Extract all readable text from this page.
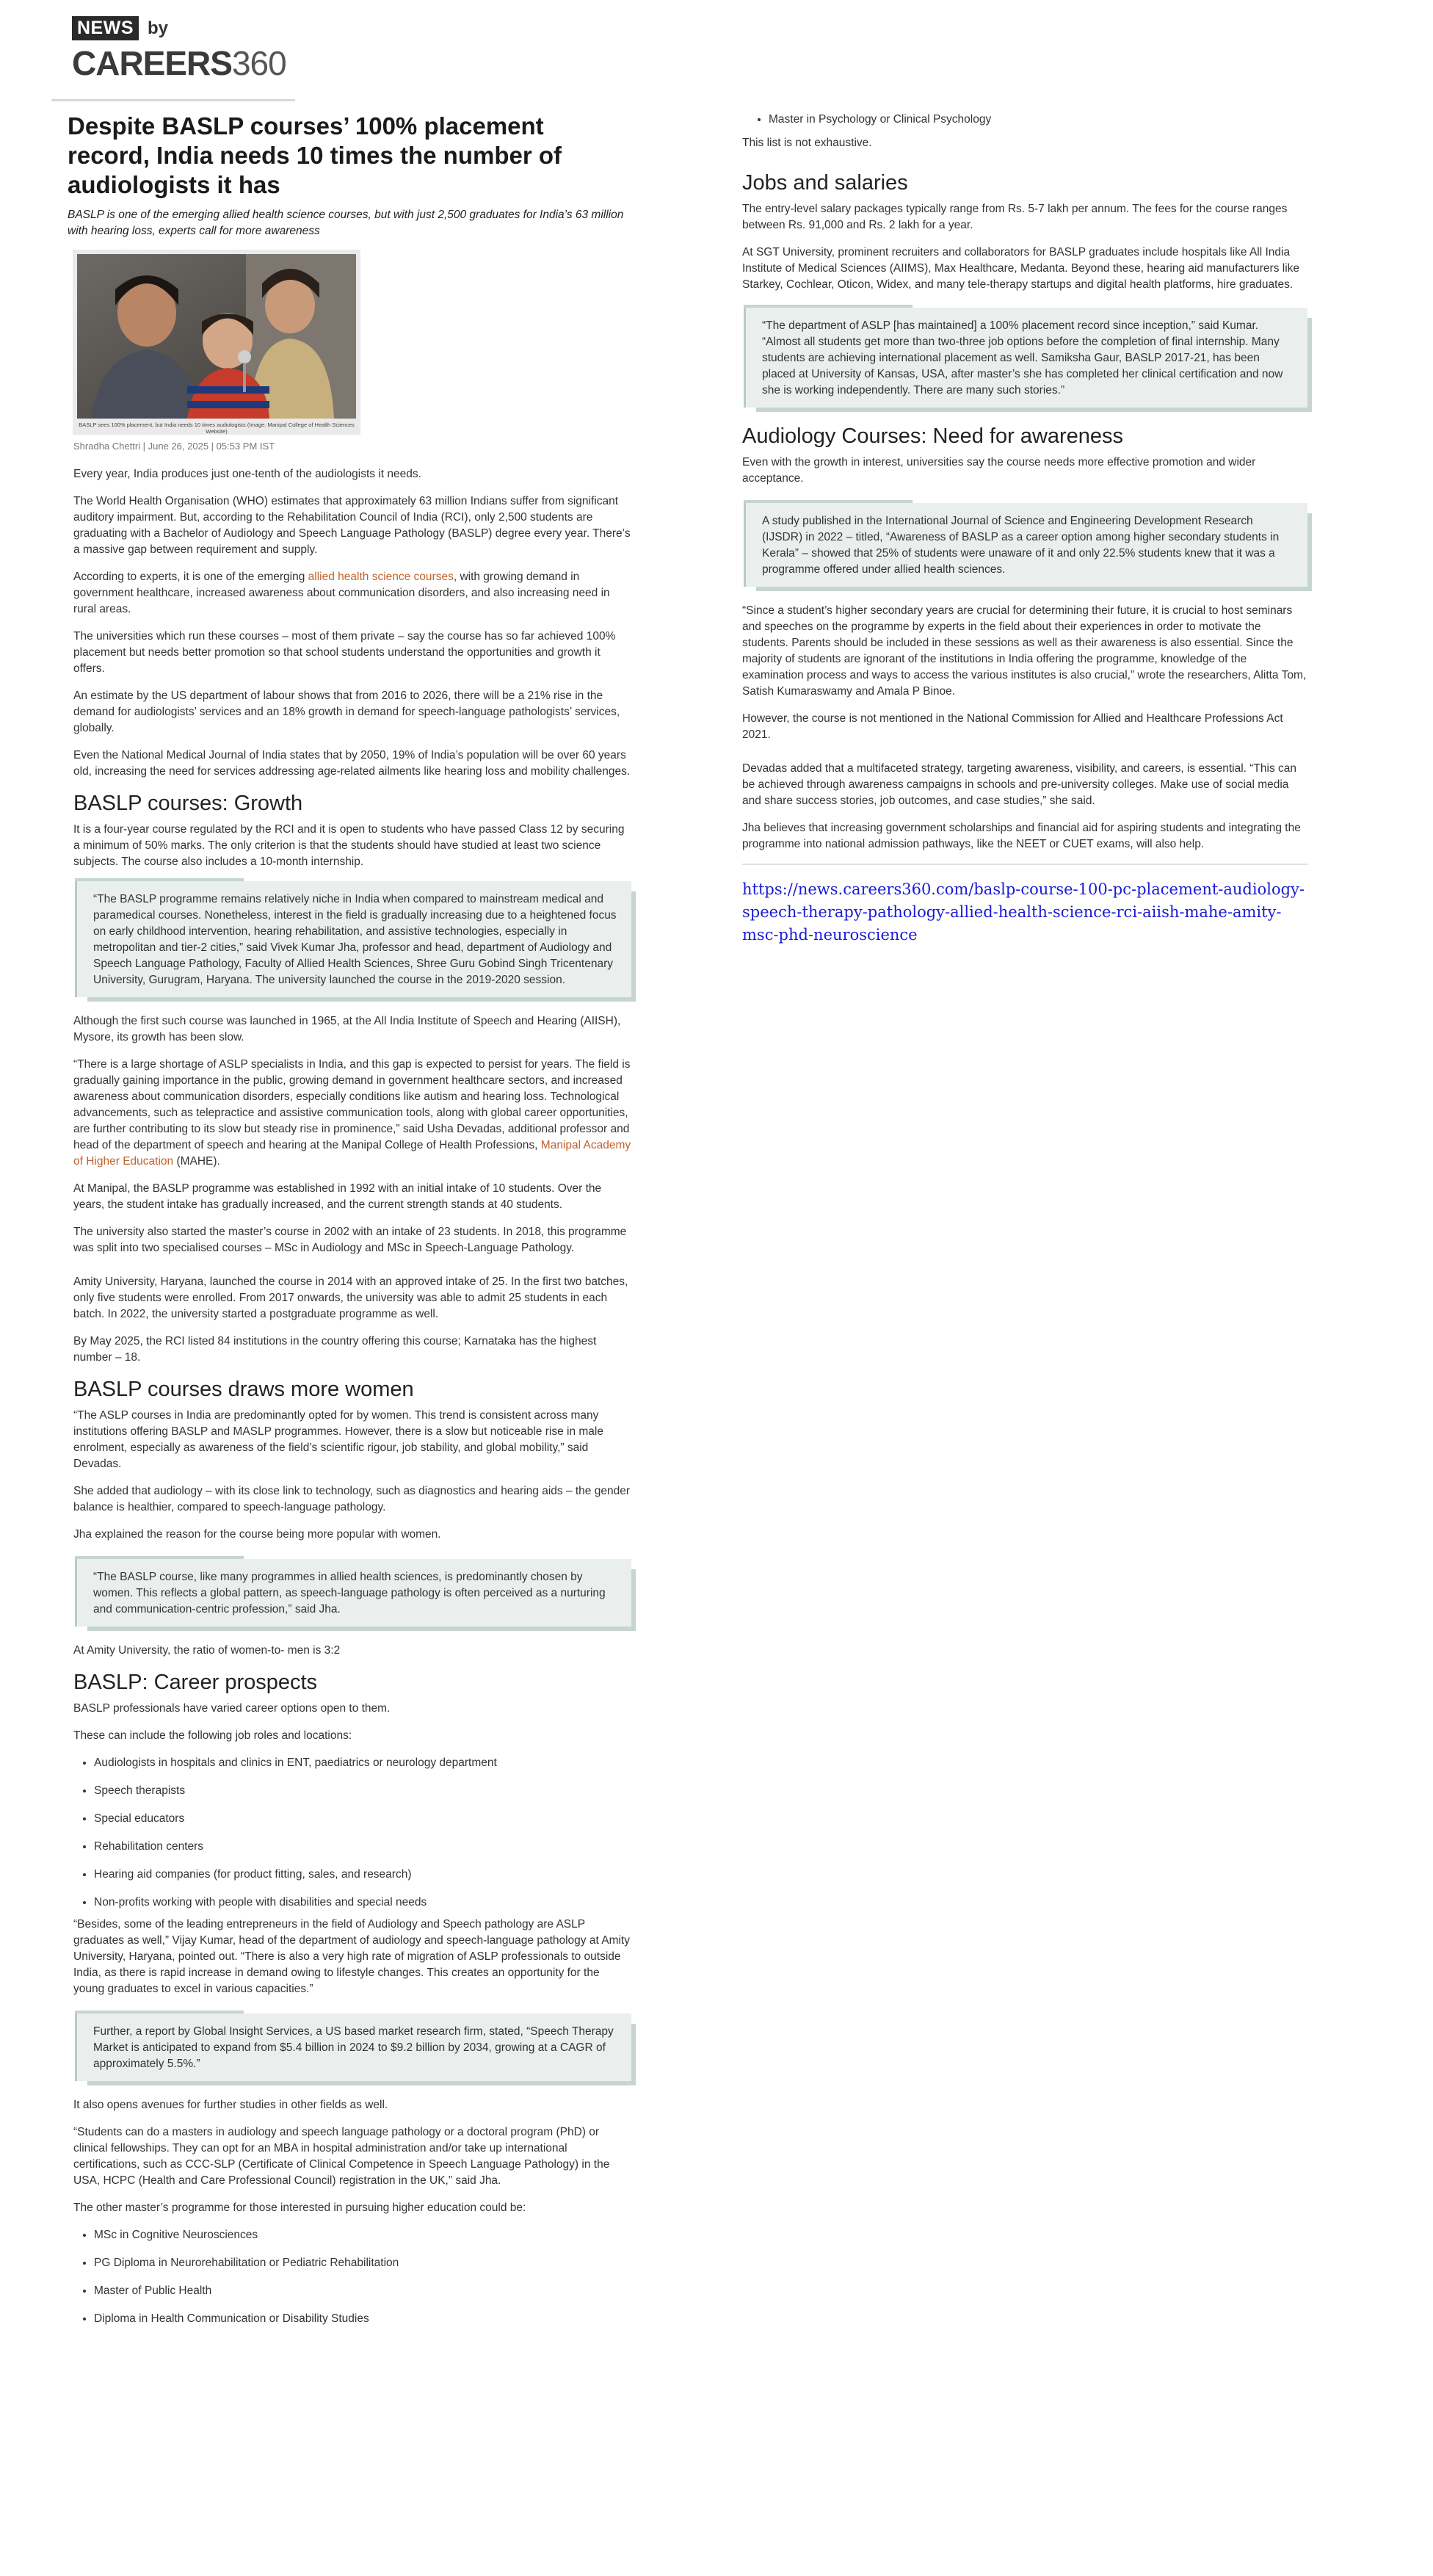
NEWS by
CAREERS360
Despite BASLP courses’ 100% placement record, India needs 10 times the number of audiologists it has
BASLP is one of the emerging allied health science courses, but with just 2,500 graduates for India’s 63 million with hearing loss, experts call for more awareness
BASLP sees 100% placement, but India needs 10 times audiologists (Image: Manipal College of Health Sciences Website)
Shradha Chettri | June 26, 2025 | 05:53 PM IST

Every year, India produces just one-tenth of the audiologists it needs.

The World Health Organisation (WHO) estimates that approximately 63 million Indians suffer from significant auditory impairment. But, according to the Rehabilitation Council of India (RCI), only 2,500 students are graduating with a Bachelor of Audiology and Speech Language Pathology (BASLP) degree every year. There’s a massive gap between requirement and supply.

According to experts, it is one of the emerging allied health science courses, with growing demand in government healthcare, increased awareness about communication disorders, and also increasing need in rural areas.

The universities which run these courses – most of them private – say the course has so far achieved 100% placement but needs better promotion so that school students understand the opportunities and growth it offers.

An estimate by the US department of labour shows that from 2016 to 2026, there will be a 21% rise in the demand for audiologists’ services and an 18% growth in demand for speech-language pathologists’ services, globally.

Even the National Medical Journal of India states that by 2050, 19% of India’s population will be over 60 years old, increasing the need for services addressing age-related ailments like hearing loss and mobility challenges.

BASLP courses: Growth

It is a four-year course regulated by the RCI and it is open to students who have passed Class 12 by securing a minimum of 50% marks. The only criterion is that the students should have studied at least two science subjects. The course also includes a 10-month internship.

“The BASLP programme remains relatively niche in India when compared to mainstream medical and paramedical courses. Nonetheless, interest in the field is gradually increasing due to a heightened focus on early childhood intervention, hearing rehabilitation, and assistive technologies, especially in metropolitan and tier-2 cities,” said Vivek Kumar Jha, professor and head, department of Audiology and Speech Language Pathology, Faculty of Allied Health Sciences, Shree Guru Gobind Singh Tricentenary University, Gurugram, Haryana. The university launched the course in the 2019-2020 session.

Although the first such course was launched in 1965, at the All India Institute of Speech and Hearing (AIISH), Mysore, its growth has been slow.

“There is a large shortage of ASLP specialists in India, and this gap is expected to persist for years. The field is gradually gaining importance in the public, growing demand in government healthcare sectors, and increased awareness about communication disorders, especially conditions like autism and hearing loss. Technological advancements, such as telepractice and assistive communication tools, along with global career opportunities, are further contributing to its slow but steady rise in prominence,” said Usha Devadas, additional professor and head of the department of speech and hearing at the Manipal College of Health Professions, Manipal Academy of Higher Education (MAHE).

At Manipal, the BASLP programme was established in 1992 with an initial intake of 10 students. Over the years, the student intake has gradually increased, and the current strength stands at 40 students.

The university also started the master’s course in 2002 with an intake of 23 students. In 2018, this programme was split into two specialised courses – MSc in Audiology and MSc in Speech-Language Pathology.

Amity University, Haryana, launched the course in 2014 with an approved intake of 25. In the first two batches, only five students were enrolled. From 2017 onwards, the university was able to admit 25 students in each batch. In 2022, the university started a postgraduate programme as well.

By May 2025, the RCI listed 84 institutions in the country offering this course; Karnataka has the highest number – 18.

BASLP courses draws more women

“The ASLP courses in India are predominantly opted for by women. This trend is consistent across many institutions offering BASLP and MASLP programmes. However, there is a slow but noticeable rise in male enrolment, especially as awareness of the field’s scientific rigour, job stability, and global mobility,” said Devadas.

She added that audiology – with its close link to technology, such as diagnostics and hearing aids – the gender balance is healthier, compared to speech-language pathology.

Jha explained the reason for the course being more popular with women.

“The BASLP course, like many programmes in allied health sciences, is predominantly chosen by women. This reflects a global pattern, as speech-language pathology is often perceived as a nurturing and communication-centric profession,” said Jha.

At Amity University, the ratio of women-to- men is 3:2

BASLP: Career prospects

BASLP professionals have varied career options open to them.

These can include the following job roles and locations:

• Audiologists in hospitals and clinics in ENT, paediatrics or neurology department
• Speech therapists
• Special educators
• Rehabilitation centers
• Hearing aid companies (for product fitting, sales, and research)
• Non-profits working with people with disabilities and special needs

“Besides, some of the leading entrepreneurs in the field of Audiology and Speech pathology are ASLP graduates as well,” Vijay Kumar, head of the department of audiology and speech-language pathology at Amity University, Haryana, pointed out. “There is also a very high rate of migration of ASLP professionals to outside India, as there is rapid increase in demand owing to lifestyle changes. This creates an opportunity for the young graduates to excel in various capacities.”

Further, a report by Global Insight Services, a US based market research firm, stated, “Speech Therapy Market is anticipated to expand from $5.4 billion in 2024 to $9.2 billion by 2034, growing at a CAGR of approximately 5.5%.”

It also opens avenues for further studies in other fields as well.

“Students can do a masters in audiology and speech language pathology or a doctoral program (PhD) or clinical fellowships. They can opt for an MBA in hospital administration and/or take up international certifications, such as CCC-SLP (Certificate of Clinical Competence in Speech Language Pathology) in the USA, HCPC (Health and Care Professional Council) registration in the UK,” said Jha.

The other master’s programme for those interested in pursuing higher education could be:

• MSc in Cognitive Neurosciences
• PG Diploma in Neurorehabilitation or Pediatric Rehabilitation
• Master of Public Health
• Diploma in Health Communication or Disability Studies
• Master in Psychology or Clinical Psychology

This list is not exhaustive.

Jobs and salaries

The entry-level salary packages typically range from Rs. 5-7 lakh per annum. The fees for the course ranges between Rs. 91,000 and Rs. 2 lakh for a year.

At SGT University, prominent recruiters and collaborators for BASLP graduates include hospitals like All India Institute of Medical Sciences (AIIMS), Max Healthcare, Medanta. Beyond these, hearing aid manufacturers like Starkey, Cochlear, Oticon, Widex, and many tele-therapy startups and digital health platforms, hire graduates.

“The department of ASLP [has maintained] a 100% placement record since inception,” said Kumar. “Almost all students get more than two-three job options before the completion of final internship. Many students are achieving international placement as well. Samiksha Gaur, BASLP 2017-21, has been placed at University of Kansas, USA, after master’s she has completed her clinical certification and now she is working independently. There are many such stories.”
Audiology Courses: Need for awareness

Even with the growth in interest, universities say the course needs more effective promotion and wider acceptance.

A study published in the International Journal of Science and Engineering Development Research (IJSDR) in 2022 – titled, “Awareness of BASLP as a career option among higher secondary students in Kerala” – showed that 25% of students were unaware of it and only 22.5% students knew that it was a programme offered under allied health sciences.

“Since a student’s higher secondary years are crucial for determining their future, it is crucial to host seminars and speeches on the programme by experts in the field about their experiences in order to motivate the students. Parents should be included in these sessions as well as their awareness is also essential. Since the majority of students are ignorant of the institutions in India offering the programme, knowledge of the examination process and ways to access the various institutes is also crucial,” wrote the researchers, Alitta Tom, Satish Kumaraswamy and Amala P Binoe.

However, the course is not mentioned in the National Commission for Allied and Healthcare Professions Act 2021.

Devadas added that a multifaceted strategy, targeting awareness, visibility, and careers, is essential. “This can be achieved through awareness campaigns in schools and pre-university colleges. Make use of social media and share success stories, job outcomes, and case studies,” she said.

Jha believes that increasing government scholarships and financial aid for aspiring students and integrating the programme into national admission pathways, like the NEET or CUET exams, will also help.

https://news.careers360.com/baslp-course-100-pc-placement-audiology-speech-therapy-pathology-allied-health-science-rci-aiish-mahe-amity-msc-phd-neuroscience
